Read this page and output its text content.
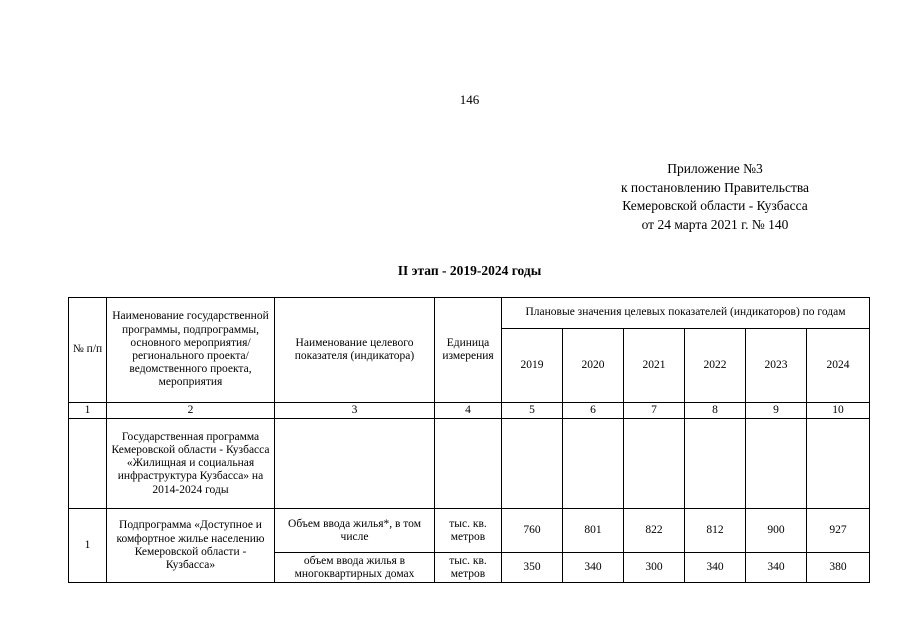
146
Приложение №3
к постановлению Правительства
Кемеровской области - Кузбасса
от 24 марта 2021 г. № 140
II этап - 2019-2024 годы
№ п/п	Наименование государственной программы, подпрограммы, основного мероприятия/ регионального проекта/ ведомственного проекта, мероприятия	Наименование целевого показателя (индикатора)	Единица измерения	Плановые значения целевых показателей (индикаторов) по годам					
				2019	2020	2021	2022	2023	2024
1	2	3	4	5	6	7	8	9	10
	Государственная программа Кемеровской области - Кузбасса «Жилищная и социальная инфраструктура Кузбасса» на 2014-2024 годы								
1	Подпрограмма «Доступное и комфортное жилье населению Кемеровской области - Кузбасса»	Объем ввода жилья*, в том числе	тыс. кв. метров	760	801	822	812	900	927
		объем ввода жилья в многоквартирных домах	тыс. кв. метров	350	340	300	340	340	380
